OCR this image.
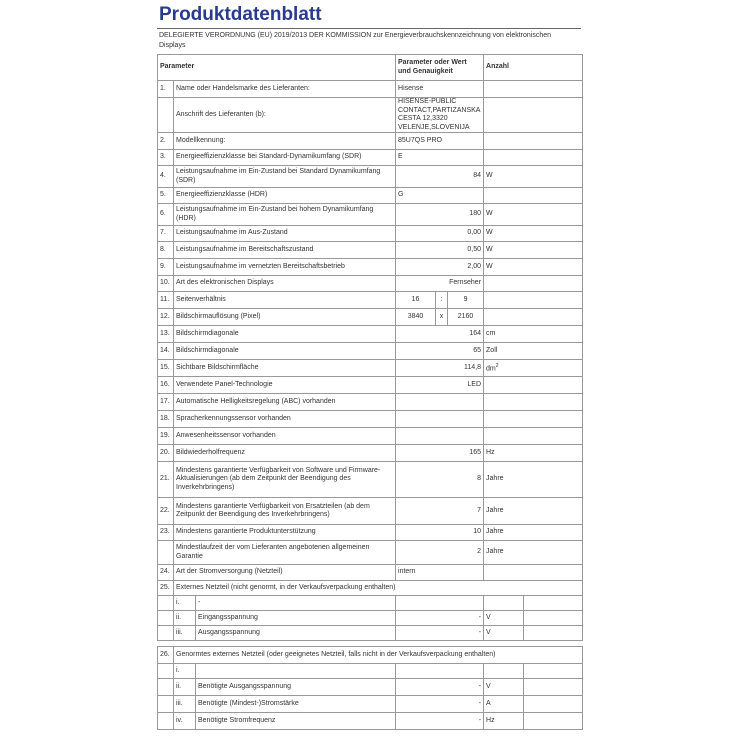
Produktdatenblatt
DELEGIERTE VERORDNUNG (EU) 2019/2013 DER KOMMISSION zur Energieverbrauchskennzeichnung von elektronischen Displays
Parameter			Parameter oder Wert und Genauigkeit			Anzahl	
1.	Name oder Handelsmarke des Lieferanten:		Hisense				
	Anschrift des Lieferanten (b):		HISENSE-PUBLIC CONTACT,PARTIZANSKA CESTA 12,3320 VELENJE,SLOVENIJA				
2.	Modellkennung:		85U7QS PRO				
3.	Energieeffizienzklasse bei Standard-Dynamikumfang (SDR)		E				
4.	Leistungsaufnahme im Ein-Zustand bei Standard Dynamikumfang (SDR)		84			W	
5.	Energieeffizienzklasse (HDR)		G				
6.	Leistungsaufnahme im Ein-Zustand bei hohem Dynamikumfang (HDR)		180			W	
7.	Leistungsaufnahme im Aus-Zustand		0,00			W	
8.	Leistungsaufnahme im Bereitschaftszustand		0,50			W	
9.	Leistungsaufnahme im vernetzten Bereitschaftsbetrieb		2,00			W	
10.	Art des elektronischen Displays		Fernseher				
11.	Seitenverhältnis		16	:	9		
12.	Bildschirmauflösung (Pixel)		3840	x	2160		
13.	Bildschirmdiagonale		164			cm	
14.	Bildschirmdiagonale		65			Zoll	
15.	Sichtbare Bildschirmfläche		114,8			$dm^2$
16.	Verwendete Panel-Technologie		LED				
17.	Automatische Helligkeitsregelung (ABC) vorhanden						
18.	Spracherkennungssensor vorhanden						
19.	Anwesenheitssensor vorhanden						
20.	Bildwiederholfrequenz		165			Hz	
21.	Mindestens garantierte Verfügbarkeit von Software und Firmware-Aktualisierungen (ab dem Zeitpunkt der Beendigung des Inverkehrbringens)		8			Jahre	
22.	Mindestens garantierte Verfügbarkeit von Ersatzteilen (ab dem Zeitpunkt der Beendigung des Inverkehrbringens)		7			Jahre	
23.	Mindestens garantierte Produktunterstützung		10			Jahre	
	Mindestlaufzeit der vom Lieferanten angebotenen allgemeinen Garantie		2			Jahre	
24.	Art der Stromversorgung (Netzteil)		intern				
25.	Externes Netzteil (nicht genormt, in der Verkaufsverpackung enthalten)						
	i.	-					
	ii.	Eingangsspannung	-			V	
	iii.	Ausgangsspannung	-			V	

26.	Genormtes externes Netzteil (oder geeignetes Netzteil, falls nicht in der Verkaufsverpackung enthalten)						
	i.						
	ii.	Benötigte Ausgangsspannung	-			V	
	iii.	Benötigte (Mindest-)Stromstärke	-			A	
	iv.	Benötigte Stromfrequenz	-			Hz	
